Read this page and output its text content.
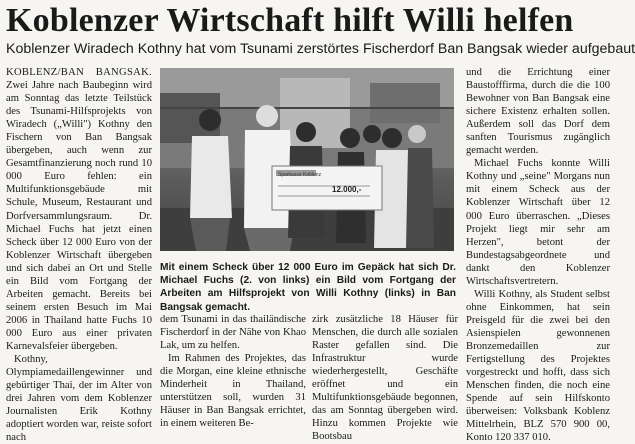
Koblenzer Wirtschaft hilft Willi helfen
Koblenzer Wiradech Kothny hat vom Tsunami zerstörtes Fischerdorf Ban Bangsak wieder aufgebaut

KOBLENZ/BAN BANGSAK. Zwei Jahre nach Baubeginn wird am Sonntag das letzte Teilstück des Tsunami-Hilfsprojekts von Wiradech („Willi") Kothny den Fischern von Ban Bangsak übergeben, auch wenn zur Gesamtfinanzierung noch rund 10 000 Euro fehlen: ein Multifunktionsgebäude mit Schule, Museum, Restaurant und Dorfversammlungsraum. Dr. Michael Fuchs hat jetzt einen Scheck über 12 000 Euro von der Koblenzer Wirtschaft übergeben und sich dabei an Ort und Stelle ein Bild vom Fortgang der Arbeiten gemacht. Bereits bei seinem ersten Besuch im Mai 2006 in Thailand hatte Fuchs 10 000 Euro aus einer privaten Karnevalsfeier übergeben.

Kothny, Olympiamedaillengewinner und gebürtiger Thai, der im Alter von drei Jahren vom dem Koblenzer Journalisten Erik Kothny adoptiert worden war, reiste sofort nach

Sparkasse Koblenz
12.000,-
Mit einem Scheck über 12 000 Euro im Gepäck hat sich Dr. Michael Fuchs (2. von links) ein Bild vom Fortgang der Arbeiten am Hilfsprojekt von Willi Kothny (links) in Ban Bangsak gemacht.

dem Tsunami in das thailändische Fischerdorf in der Nähe von Khao Lak, um zu helfen.

Im Rahmen des Projektes, das die Morgan, eine kleine ethnische Minderheit in Thailand, unterstützen soll, wurden 31 Häuser in Ban Bangsak errichtet, in einem weiteren Be-

zirk zusätzliche 18 Häuser für Menschen, die durch alle sozialen Raster gefallen sind. Die Infrastruktur wurde wiederhergestellt, Geschäfte eröffnet und ein Multifunktionsgebäude begonnen, das am Sonntag übergeben wird. Hinzu kommen Projekte wie Bootsbau

und die Errichtung einer Baustofffirma, durch die die 100 Bewohner von Ban Bangsak eine sichere Existenz erhalten sollen. Außerdem soll das Dorf dem sanften Tourismus zugänglich gemacht werden.

Michael Fuchs konnte Willi Kothny und „seine" Morgans nun mit einem Scheck aus der Koblenzer Wirtschaft über 12 000 Euro überraschen. „Dieses Projekt liegt mir sehr am Herzen", betont der Bundestagsabgeordnete und dankt den Koblenzer Wirtschaftsvertretern.

Willi Kothny, als Student selbst ohne Einkommen, hat sein Preisgeld für die zwei bei den Asienspielen gewonnenen Bronzemedaillen zur Fertigstellung des Projektes vorgestreckt und hofft, dass sich Menschen finden, die noch eine Spende auf sein Hilfskonto überweisen: Volksbank Koblenz Mittelrhein, BLZ 570 900 00, Konto 120 337 010.
